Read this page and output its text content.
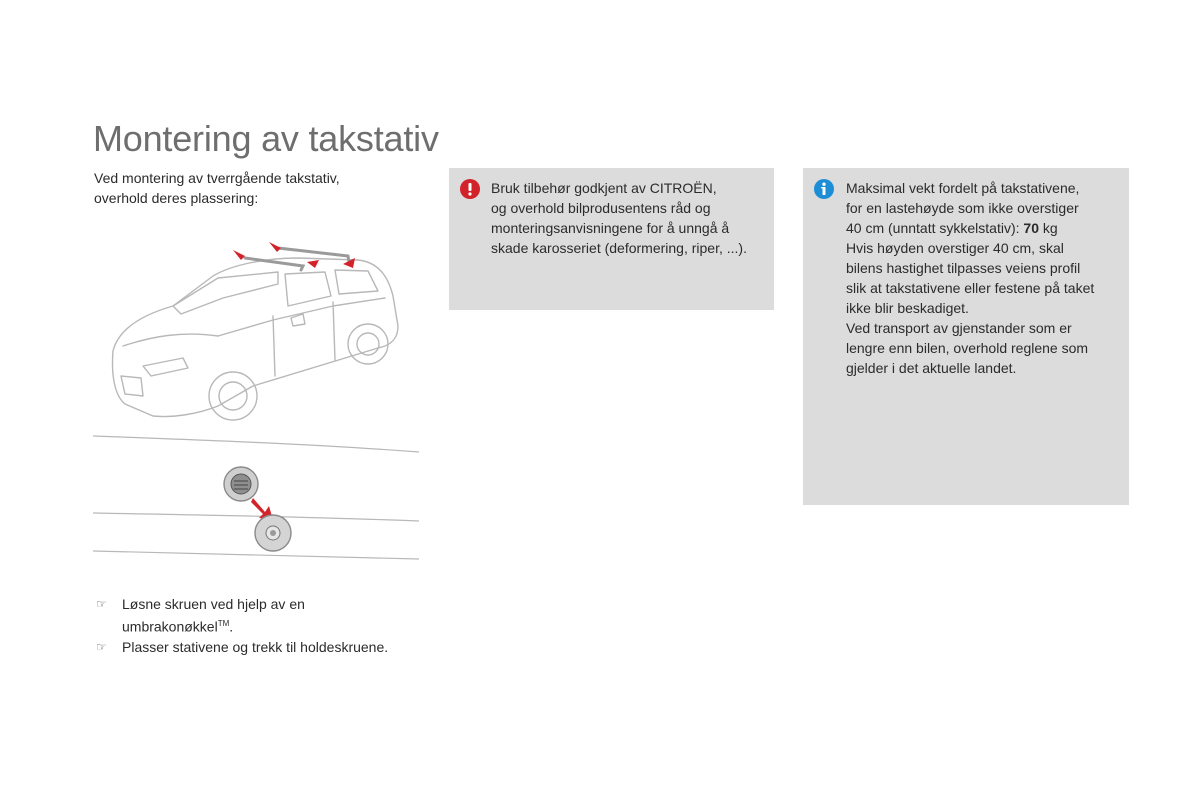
Montering av takstativ
Ved montering av tverrgående takstativ,
overhold deres plassering:
☞ Løsne skruen ved hjelp av en
umbrakonøkkel™.
☞ Plasser stativene og trekk til holdeskruene.

Bruk tilbehør godkjent av CITROËN,

og overhold bilprodusentens råd og

monteringsanvisningene for å unngå å

skade karosseriet (deformering, riper, ...).

Maksimal vekt fordelt på takstativene,

for en lastehøyde som ikke overstiger

40 cm (unntatt sykkelstativ): 70 kg

Hvis høyden overstiger 40 cm, skal

bilens hastighet tilpasses veiens profil

slik at takstativene eller festene på taket

ikke blir beskadiget.

Ved transport av gjenstander som er

lengre enn bilen, overhold reglene som

gjelder i det aktuelle landet.
